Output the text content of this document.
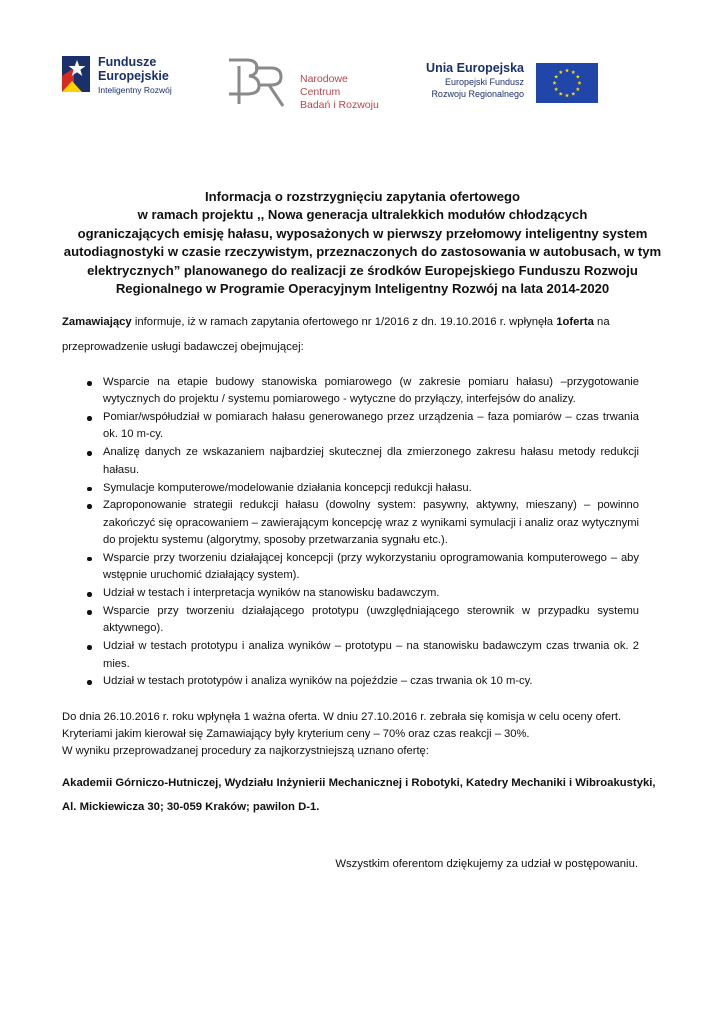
Fundusze
Europejskie
Inteligentny Rozwój
Narodowe Centrum
Badań i Rozwoju
Unia Europejska
Europejski Fundusz
Rozwoju Regionalnego
Informacja o rozstrzygnięciu zapytania ofertowego
w ramach projektu ,, Nowa generacja ultralekkich modułów chłodzących
ograniczających emisję hałasu, wyposażonych w pierwszy przełomowy inteligentny system
autodiagnostyki w czasie rzeczywistym, przeznaczonych do zastosowania w autobusach, w tym
elektrycznych” planowanego do realizacji ze środków Europejskiego Funduszu Rozwoju
Regionalnego w Programie Operacyjnym Inteligentny Rozwój na lata 2014-2020
Zamawiający informuje, iż w ramach zapytania ofertowego nr 1/2016 z dn. 19.10.2016 r. wpłynęła 1oferta na
przeprowadzenie usługi badawczej obejmującej:
Wsparcie na etapie budowy stanowiska pomiarowego (w zakresie pomiaru hałasu) –przygotowanie wytycznych do projektu / systemu pomiarowego - wytyczne do przyłączy, interfejsów do analizy.
Pomiar/współudział w pomiarach hałasu generowanego przez urządzenia – faza pomiarów – czas trwania ok. 10 m-cy.
Analizę danych ze wskazaniem najbardziej skutecznej dla zmierzonego zakresu hałasu metody redukcji hałasu.
Symulacje komputerowe/modelowanie działania koncepcji redukcji hałasu.
Zaproponowanie strategii redukcji hałasu (dowolny system: pasywny, aktywny, mieszany) – powinno zakończyć się opracowaniem – zawierającym koncepcję wraz z wynikami symulacji i analiz oraz wytycznymi do projektu systemu (algorytmy, sposoby przetwarzania sygnału etc.).
Wsparcie przy tworzeniu działającej koncepcji (przy wykorzystaniu oprogramowania komputerowego – aby wstępnie uruchomić działający system).
Udział w testach i interpretacja wyników na stanowisku badawczym.
Wsparcie przy tworzeniu działającego prototypu (uwzględniającego sterownik w przypadku systemu aktywnego).
Udział w testach prototypu i analiza wyników – prototypu – na stanowisku badawczym czas trwania ok. 2 mies.
Udział w testach prototypów i analiza wyników na pojeździe – czas trwania ok 10 m-cy.
Do dnia 26.10.2016 r. roku wpłynęła 1 ważna oferta. W dniu 27.10.2016 r. zebrała się komisja w celu oceny ofert.
Kryteriami jakim kierował się Zamawiający były kryterium ceny – 70% oraz czas reakcji – 30%.
W wyniku przeprowadzanej procedury za najkorzystniejszą uznano ofertę:
Akademii Górniczo-Hutniczej, Wydziału Inżynierii Mechanicznej i Robotyki, Katedry Mechaniki i Wibroakustyki,
Al. Mickiewicza 30; 30-059 Kraków; pawilon D-1.
Wszystkim oferentom dziękujemy za udział w postępowaniu.
